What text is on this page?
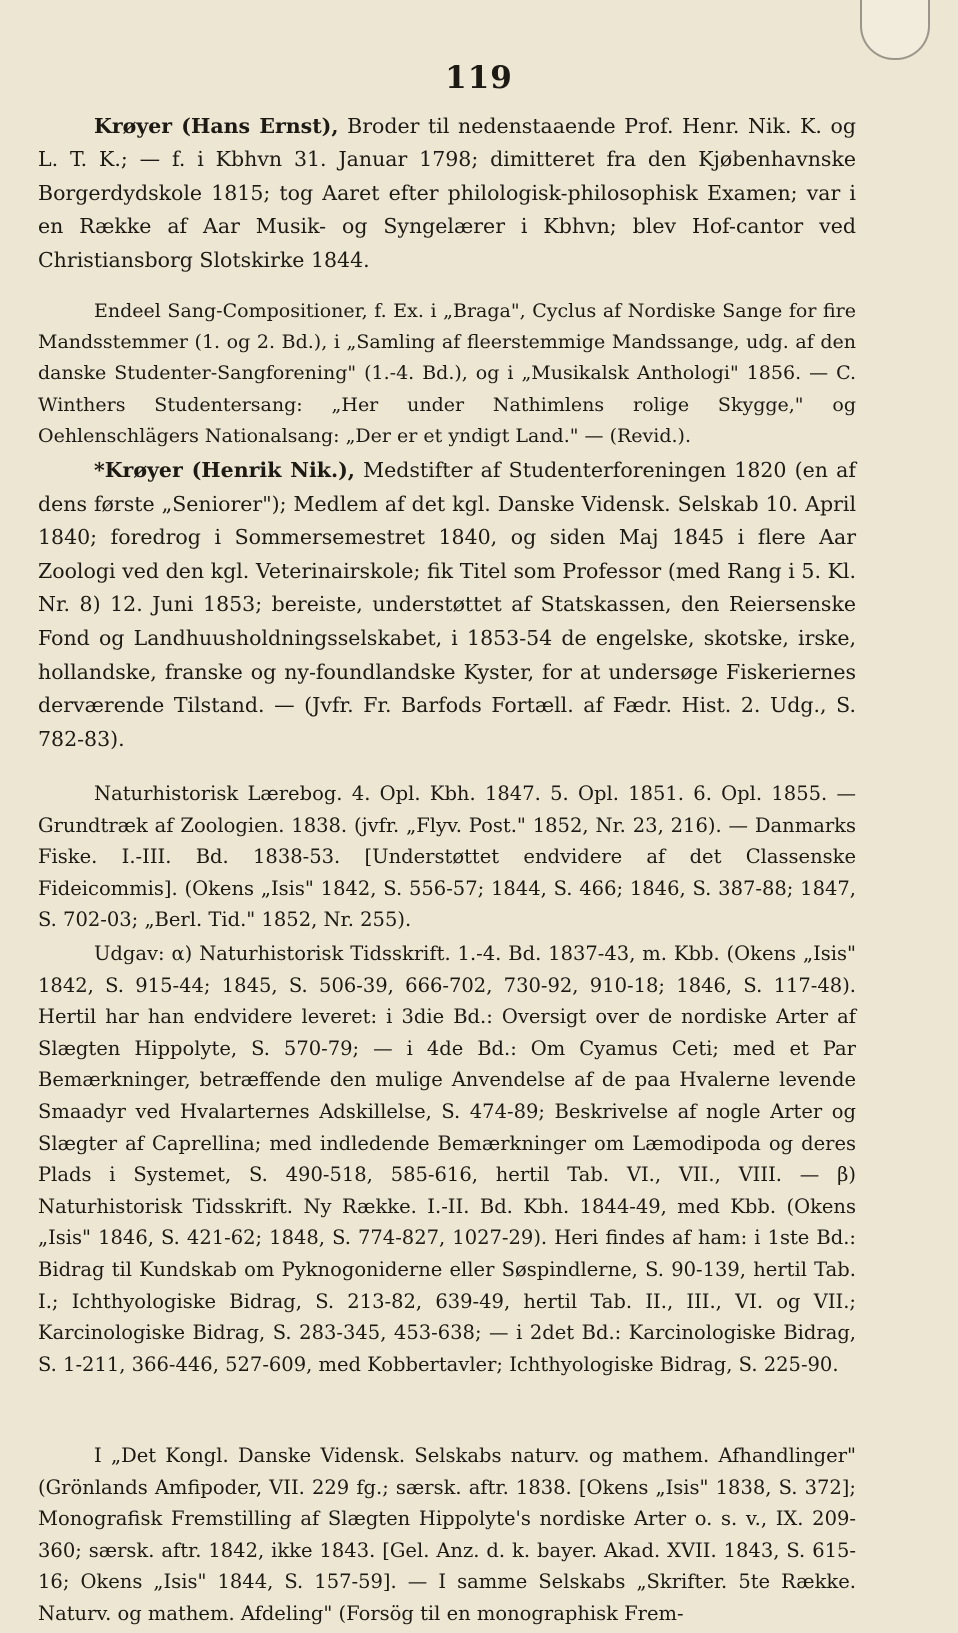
119

Krøyer (Hans Ernst), Broder til nedenstaaende Prof. Henr. Nik. K. og L. T. K.; — f. i Kbhvn 31. Januar 1798; dimitteret fra den Kjøbenhavnske Borgerdydskole 1815; tog Aaret efter philologisk-philosophisk Examen; var i en Række af Aar Musik- og Syngelærer i Kbhvn; blev Hof-cantor ved Christiansborg Slotskirke 1844.

Endeel Sang-Compositioner, f. Ex. i „Braga", Cyclus af Nordiske Sange for fire Mandsstemmer (1. og 2. Bd.), i „Samling af fleerstemmige Mandssange, udg. af den danske Studenter-Sangforening" (1.-4. Bd.), og i „Musikalsk Anthologi" 1856. — C. Winthers Studentersang: „Her under Nathimlens rolige Skygge," og Oehlenschlägers Nationalsang: „Der er et yndigt Land." — (Revid.).

*Krøyer (Henrik Nik.), Medstifter af Studenterforeningen 1820 (en af dens første „Seniorer"); Medlem af det kgl. Danske Vidensk. Selskab 10. April 1840; foredrog i Sommersemestret 1840, og siden Maj 1845 i flere Aar Zoologi ved den kgl. Veterinairskole; fik Titel som Professor (med Rang i 5. Kl. Nr. 8) 12. Juni 1853; bereiste, understøttet af Statskassen, den Reiersenske Fond og Landhuusholdningsselskabet, i 1853-54 de engelske, skotske, irske, hollandske, franske og ny-foundlandske Kyster, for at undersøge Fiskeriernes derværende Tilstand. — (Jvfr. Fr. Barfods Fortæll. af Fædr. Hist. 2. Udg., S. 782-83).

Naturhistorisk Lærebog. 4. Opl. Kbh. 1847. 5. Opl. 1851. 6. Opl. 1855. — Grundtræk af Zoologien. 1838. (jvfr. „Flyv. Post." 1852, Nr. 23, 216). — Danmarks Fiske. I.-III. Bd. 1838-53. [Understøttet endvidere af det Classenske Fideicommis]. (Okens „Isis" 1842, S. 556-57; 1844, S. 466; 1846, S. 387-88; 1847, S. 702-03; „Berl. Tid." 1852, Nr. 255).

Udgav: α) Naturhistorisk Tidsskrift. 1.-4. Bd. 1837-43, m. Kbb. (Okens „Isis" 1842, S. 915-44; 1845, S. 506-39, 666-702, 730-92, 910-18; 1846, S. 117-48). Hertil har han endvidere leveret: i 3die Bd.: Oversigt over de nordiske Arter af Slægten Hippolyte, S. 570-79; — i 4de Bd.: Om Cyamus Ceti; med et Par Bemærkninger, betræffende den mulige Anvendelse af de paa Hvalerne levende Smaadyr ved Hvalarternes Adskillelse, S. 474-89; Beskrivelse af nogle Arter og Slægter af Caprellina; med indledende Bemærkninger om Læmodipoda og deres Plads i Systemet, S. 490-518, 585-616, hertil Tab. VI., VII., VIII. — β) Naturhistorisk Tidsskrift. Ny Række. I.-II. Bd. Kbh. 1844-49, med Kbb. (Okens „Isis" 1846, S. 421-62; 1848, S. 774-827, 1027-29). Heri findes af ham: i 1ste Bd.: Bidrag til Kundskab om Pyknogoniderne eller Søspindlerne, S. 90-139, hertil Tab. I.; Ichthyologiske Bidrag, S. 213-82, 639-49, hertil Tab. II., III., VI. og VII.; Karcinologiske Bidrag, S. 283-345, 453-638; — i 2det Bd.: Karcinologiske Bidrag, S. 1-211, 366-446, 527-609, med Kobbertavler; Ichthyologiske Bidrag, S. 225-90.

I „Det Kongl. Danske Vidensk. Selskabs naturv. og mathem. Afhandlinger" (Grönlands Amfipoder, VII. 229 fg.; særsk. aftr. 1838. [Okens „Isis" 1838, S. 372]; Monografisk Fremstilling af Slægten Hippolyte's nordiske Arter o. s. v., IX. 209-360; særsk. aftr. 1842, ikke 1843. [Gel. Anz. d. k. bayer. Akad. XVII. 1843, S. 615-16; Okens „Isis" 1844, S. 157-59]. — I samme Selskabs „Skrifter. 5te Række. Naturv. og mathem. Afdeling" (Forsög til en monographisk Frem-
